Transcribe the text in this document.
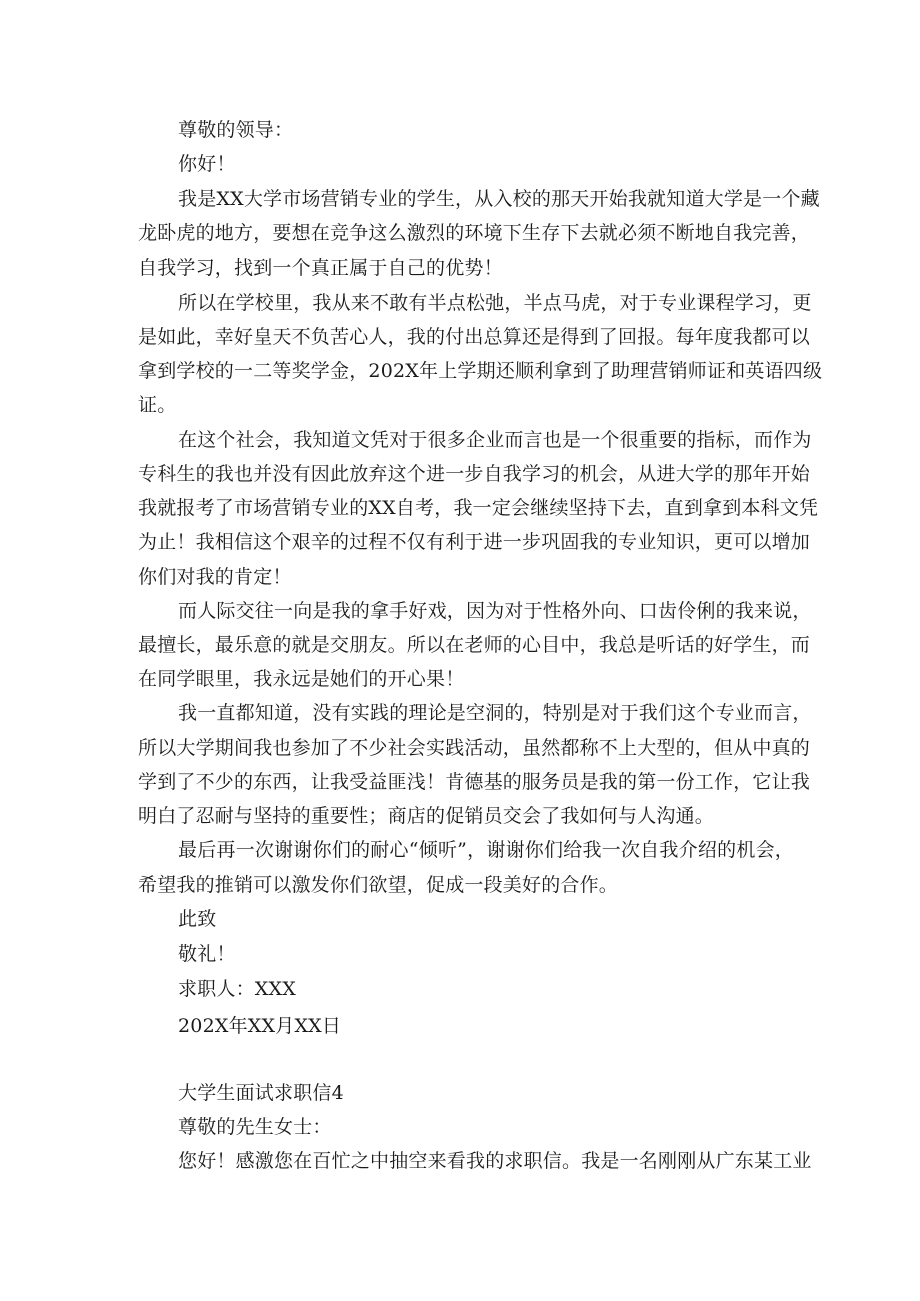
尊敬的领导：
你好！
我是XX大学市场营销专业的学生，从入校的那天开始我就知道大学是一个藏
龙卧虎的地方，要想在竞争这么激烈的环境下生存下去就必须不断地自我完善，
自我学习，找到一个真正属于自己的优势！
所以在学校里，我从来不敢有半点松弛，半点马虎，对于专业课程学习，更
是如此，幸好皇天不负苦心人，我的付出总算还是得到了回报。每年度我都可以
拿到学校的一二等奖学金，202X年上学期还顺利拿到了助理营销师证和英语四级
证。
在这个社会，我知道文凭对于很多企业而言也是一个很重要的指标，而作为
专科生的我也并没有因此放弃这个进一步自我学习的机会，从进大学的那年开始
我就报考了市场营销专业的XX自考，我一定会继续坚持下去，直到拿到本科文凭
为止！我相信这个艰辛的过程不仅有利于进一步巩固我的专业知识，更可以增加
你们对我的肯定！
而人际交往一向是我的拿手好戏，因为对于性格外向、口齿伶俐的我来说，
最擅长，最乐意的就是交朋友。所以在老师的心目中，我总是听话的好学生，而
在同学眼里，我永远是她们的开心果！
我一直都知道，没有实践的理论是空洞的，特别是对于我们这个专业而言，
所以大学期间我也参加了不少社会实践活动，虽然都称不上大型的，但从中真的
学到了不少的东西，让我受益匪浅！肯德基的服务员是我的第一份工作，它让我
明白了忍耐与坚持的重要性；商店的促销员交会了我如何与人沟通。
最后再一次谢谢你们的耐心“倾听”，谢谢你们给我一次自我介绍的机会，
希望我的推销可以激发你们欲望，促成一段美好的合作。
此致
敬礼！
求职人：XXX
202X年XX月XX日
大学生面试求职信4
尊敬的先生女士：
您好！感激您在百忙之中抽空来看我的求职信。我是一名刚刚从广东某工业
